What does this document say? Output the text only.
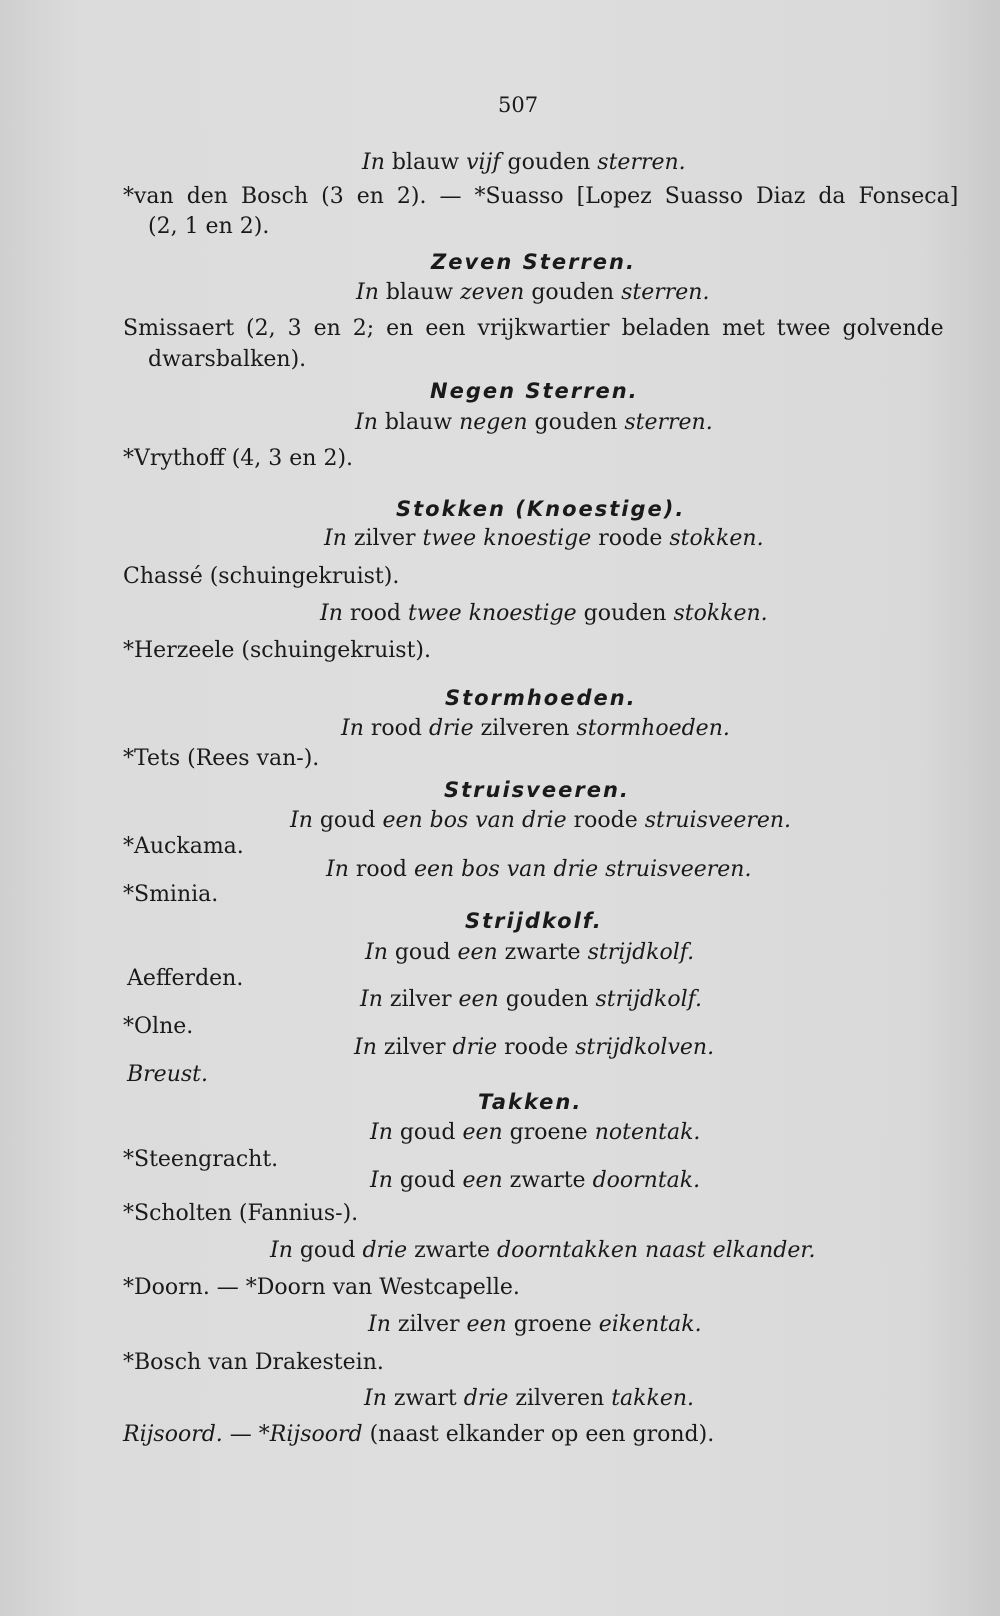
507
In blauw vijf gouden sterren.
*van den Bosch (3 en 2). — *Suasso [Lopez Suasso Diaz da Fonseca]
(2, 1 en 2).
Zeven Sterren.
In blauw zeven gouden sterren.
Smissaert (2, 3 en 2; en een vrijkwartier beladen met twee golvende
dwarsbalken).
Negen Sterren.
In blauw negen gouden sterren.
*Vrythoff (4, 3 en 2).
Stokken (Knoestige).
In zilver twee knoestige roode stokken.
Chassé (schuingekruist).
In rood twee knoestige gouden stokken.
*Herzeele (schuingekruist).
Stormhoeden.
In rood drie zilveren stormhoeden.
*Tets (Rees van-).
Struisveeren.
In goud een bos van drie roode struisveeren.
*Auckama.
In rood een bos van drie struisveeren.
*Sminia.
Strijdkolf.
In goud een zwarte strijdkolf.
Aefferden.
In zilver een gouden strijdkolf.
*Olne.
In zilver drie roode strijdkolven.
Breust.
Takken.
In goud een groene notentak.
*Steengracht.
In goud een zwarte doorntak.
*Scholten (Fannius-).
In goud drie zwarte doorntakken naast elkander.
*Doorn. — *Doorn van Westcapelle.
In zilver een groene eikentak.
*Bosch van Drakestein.
In zwart drie zilveren takken.
Rijsoord. — *Rijsoord (naast elkander op een grond).
